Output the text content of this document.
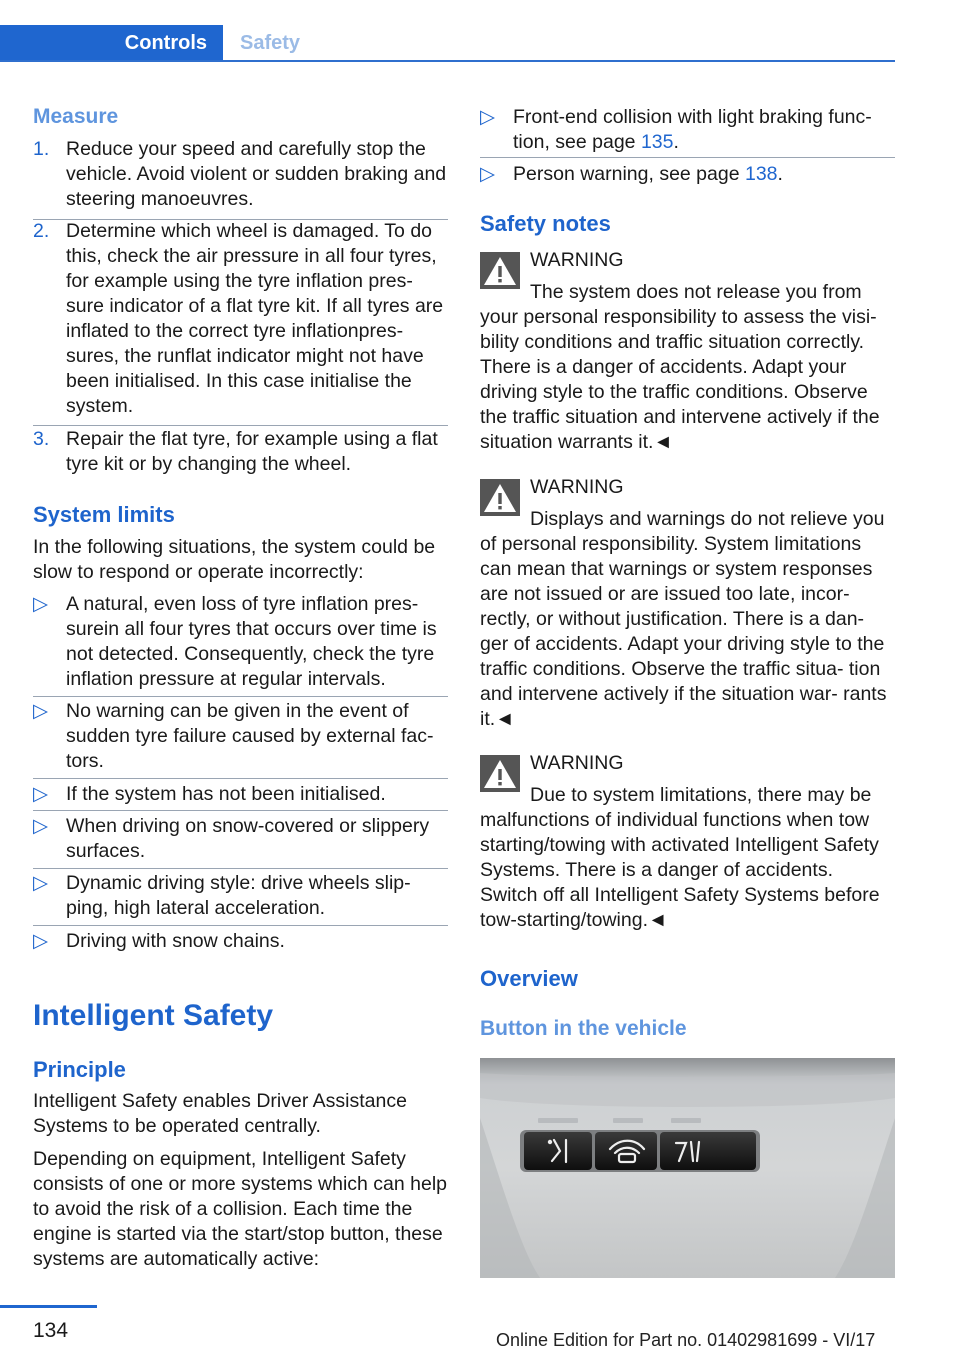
Controls	Safety
Measure
1. Reduce your speed and carefully stop the vehicle. Avoid violent or sudden braking and steering manoeuvres.
2. Determine which wheel is damaged. To do this, check the air pressure in all four tyres, for example using the tyre inflation pres‐ sure indicator of a flat tyre kit. If all tyres are inflated to the correct tyre inflationpres‐ sures, the runflat indicator might not have been initialised. In this case initialise the system.
3. Repair the flat tyre, for example using a flat tyre kit or by changing the wheel.
System limits
In the following situations, the system could be slow to respond or operate incorrectly:
▷ A natural, even loss of tyre inflation pres‐ surein all four tyres that occurs over time is not detected. Consequently, check the tyre inflation pressure at regular intervals.
▷ No warning can be given in the event of sudden tyre failure caused by external fac‐ tors.
▷ If the system has not been initialised.
▷ When driving on snow-covered or slippery surfaces.
▷ Dynamic driving style: drive wheels slip‐ ping, high lateral acceleration.
▷ Driving with snow chains.
Intelligent Safety
Principle
Intelligent Safety enables Driver Assistance Systems to be operated centrally.
Depending on equipment, Intelligent Safety consists of one or more systems which can help to avoid the risk of a collision. Each time the engine is started via the start/stop button, these systems are automatically active:
▷ Front-end collision with light braking func‐ tion, see page 135.
▷ Person warning, see page 138.
Safety notes
WARNING
The system does not release you from
your personal responsibility to assess the visi‐ bility conditions and traffic situation correctly. There is a danger of accidents. Adapt your driving style to the traffic conditions. Observe the traffic situation and intervene actively if the situation warrants it.◄
WARNING
Displays and warnings do not relieve you
of personal responsibility. System limitations can mean that warnings or system responses are not issued or are issued too late, incor‐ rectly, or without justification. There is a dan‐ ger of accidents. Adapt your driving style to the traffic conditions. Observe the traffic situa‐ tion and intervene actively if the situation war‐ rants it.◄
WARNING
Due to system limitations, there may be
malfunctions of individual functions when tow starting/towing with activated Intelligent Safety Systems. There is a danger of accidents. Switch off all Intelligent Safety Systems before tow-starting/towing.◄
Overview
Button in the vehicle
134	Online Edition for Part no. 01402981699 - VI/17
